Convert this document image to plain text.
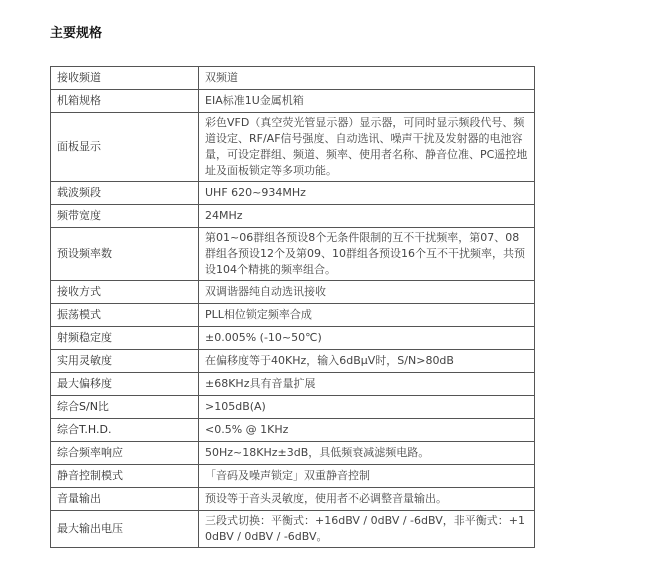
主要规格
接收频道	双频道
机箱规格	EIA标准1U金属机箱
面板显示	彩色VFD（真空荧光管显示器）显示器，可同时显示频段代号、频道设定、RF/AF信号强度、自动选讯、噪声干扰及发射器的电池容量，可设定群组、频道、频率、使用者名称、静音位准、PC遥控地址及面板锁定等多项功能。
载波频段	UHF 620~934MHz
频带宽度	24MHz
预设频率数	第01~06群组各预设8个无条件限制的互不干扰频率，第07、08群组各预设12个及第09、10群组各预设16个互不干扰频率，共预设104个精挑的频率组合。
接收方式	双调谐器纯自动选讯接收
振荡模式	PLL相位锁定频率合成
射频稳定度	±0.005% (-10~50℃)
实用灵敏度	在偏移度等于40KHz，输入6dBμV时，S/N>80dB
最大偏移度	±68KHz具有音量扩展
综合S/N比	>105dB(A)
综合T.H.D.	<0.5% @ 1KHz
综合频率响应	50Hz~18KHz±3dB，具低频衰减滤频电路。
静音控制模式	「音码及噪声锁定」双重静音控制
音量输出	预设等于音头灵敏度，使用者不必调整音量输出。
最大输出电压	三段式切换：平衡式：+16dBV / 0dBV / -6dBV，非平衡式：+10dBV / 0dBV / -6dBV。
